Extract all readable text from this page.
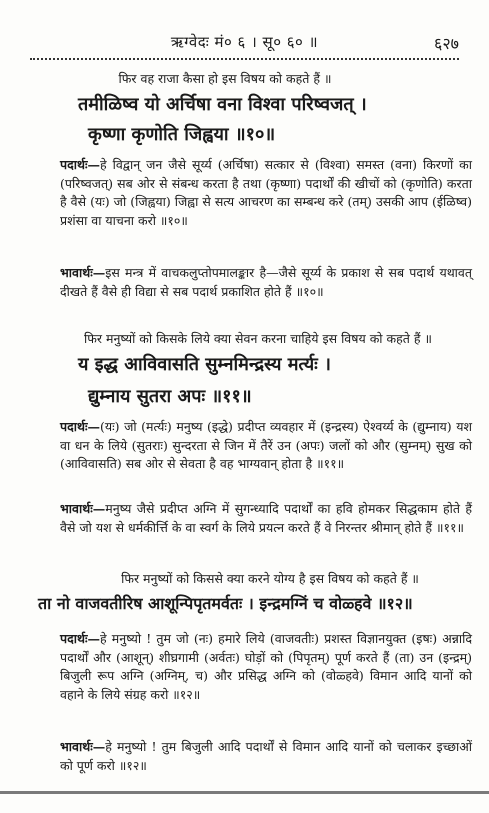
ऋग्वेदः मं० ६ । सू० ६० ॥	६२७
फिर वह राजा कैसा हो इस विषय को कहते हैं ॥
तमीळिष्व यो अर्चिषा वना विश्वा परिष्वजत् ।
कृष्णा कृणोति जिह्वया ॥१०॥
पदार्थः—हे विद्वान् जन जैसे सूर्य्य (अर्चिषा) सत्कार से (विश्वा) समस्त (वना) किरणों का (परिष्वजत्) सब ओर से संबन्ध करता है तथा (कृष्णा) पदार्थों की खीचों को (कृणोति) करता है वैसे (यः) जो (जिह्वया) जिह्वा से सत्य आचरण का सम्बन्ध करे (तम्) उसकी आप (ईळिष्व) प्रशंसा वा याचना करो ॥१०॥
भावार्थः—इस मन्त्र में वाचकलुप्तोपमालङ्कार है—जैसे सूर्य्य के प्रकाश से सब पदार्थ यथावत् दीखते हैं वैसे ही विद्या से सब पदार्थ प्रकाशित होते हैं ॥१०॥
फिर मनुष्यों को किसके लिये क्या सेवन करना चाहिये इस विषय को कहते हैं ॥
य इद्ध आविवासति सुम्नमिन्द्रस्य मर्त्यः ।
द्युम्नाय सुतरा अपः ॥११॥
पदार्थः—(यः) जो (मर्त्यः) मनुष्य (इद्धे) प्रदीप्त व्यवहार में (इन्द्रस्य) ऐश्वर्य्य के (द्युम्नाय) यश वा धन के लिये (सुतराः) सुन्दरता से जिन में तैरें उन (अपः) जलों को और (सुम्नम्) सुख को (आविवासति) सब ओर से सेवता है वह भाग्यवान् होता है ॥११॥
भावार्थः—मनुष्य जैसे प्रदीप्त अग्नि में सुगन्ध्यादि पदार्थों का हवि होमकर सिद्धकाम होते हैं वैसे जो यश से धर्मकीर्त्ति के वा स्वर्ग के लिये प्रयत्न करते हैं वे निरन्तर श्रीमान् होते हैं ॥११॥
फिर मनुष्यों को किससे क्या करने योग्य है इस विषय को कहते हैं ॥
ता नो वाजवतीरिष आशून्पिपृतमर्वतः । इन्द्रमग्निं च वोळ्हवे ॥१२॥
पदार्थः—हे मनुष्यो ! तुम जो (नः) हमारे लिये (वाजवतीः) प्रशस्त विज्ञानयुक्त (इषः) अन्नादि पदार्थों और (आशून्) शीघ्रगामी (अर्वतः) घोड़ों को (पिपृतम्) पूर्ण करते हैं (ता) उन (इन्द्रम्) बिजुली रूप अग्नि (अग्निम्, च) और प्रसिद्ध अग्नि को (वोळ्हवे) विमान आदि यानों को वहाने के लिये संग्रह करो ॥१२॥
भावार्थः—हे मनुष्यो ! तुम बिजुली आदि पदार्थों से विमान आदि यानों को चलाकर इच्छाओं को पूर्ण करो ॥१२॥
